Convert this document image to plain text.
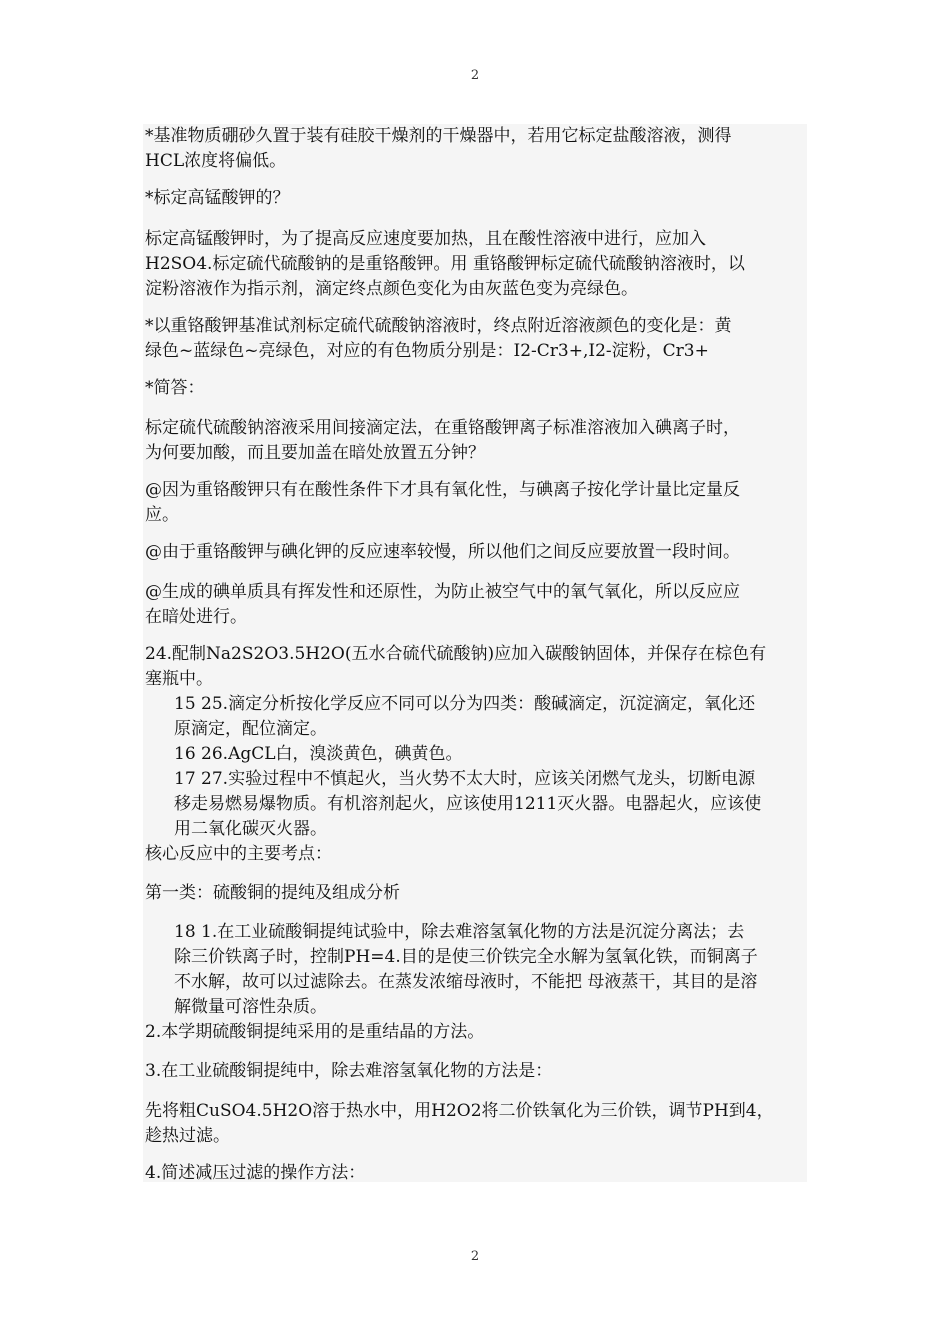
2
*基准物质硼砂久置于装有硅胶干燥剂的干燥器中，若用它标定盐酸溶液，测得
HCL浓度将偏低。
*标定高锰酸钾的？
标定高锰酸钾时，为了提高反应速度要加热，且在酸性溶液中进行，应加入
H2SO4.标定硫代硫酸钠的是重铬酸钾。用 重铬酸钾标定硫代硫酸钠溶液时，以
淀粉溶液作为指示剂，滴定终点颜色变化为由灰蓝色变为亮绿色。
*以重铬酸钾基准试剂标定硫代硫酸钠溶液时，终点附近溶液颜色的变化是：黄
绿色~蓝绿色~亮绿色，对应的有色物质分别是：I2-Cr3+,I2-淀粉，Cr3+
*简答：
标定硫代硫酸钠溶液采用间接滴定法，在重铬酸钾离子标准溶液加入碘离子时，
为何要加酸，而且要加盖在暗处放置五分钟？
@因为重铬酸钾只有在酸性条件下才具有氧化性，与碘离子按化学计量比定量反
应。
@由于重铬酸钾与碘化钾的反应速率较慢，所以他们之间反应要放置一段时间。
@生成的碘单质具有挥发性和还原性，为防止被空气中的氧气氧化，所以反应应
在暗处进行。
24.配制Na2S2O3.5H2O(五水合硫代硫酸钠)应加入碳酸钠固体，并保存在棕色有
塞瓶中。
15 25.滴定分析按化学反应不同可以分为四类：酸碱滴定，沉淀滴定，氧化还
原滴定，配位滴定。
16 26.AgCL白，溴淡黄色，碘黄色。
17 27.实验过程中不慎起火，当火势不太大时，应该关闭燃气龙头，切断电源
移走易燃易爆物质。有机溶剂起火，应该使用1211灭火器。电器起火，应该使
用二氧化碳灭火器。
核心反应中的主要考点：
第一类：硫酸铜的提纯及组成分析
18 1.在工业硫酸铜提纯试验中，除去难溶氢氧化物的方法是沉淀分离法；去
除三价铁离子时，控制PH=4.目的是使三价铁完全水解为氢氧化铁，而铜离子
不水解，故可以过滤除去。在蒸发浓缩母液时，不能把 母液蒸干，其目的是溶
解微量可溶性杂质。
2.本学期硫酸铜提纯采用的是重结晶的方法。
3.在工业硫酸铜提纯中，除去难溶氢氧化物的方法是：
先将粗CuSO4.5H2O溶于热水中，用H2O2将二价铁氧化为三价铁，调节PH到4，
趁热过滤。
4.简述减压过滤的操作方法：
2
